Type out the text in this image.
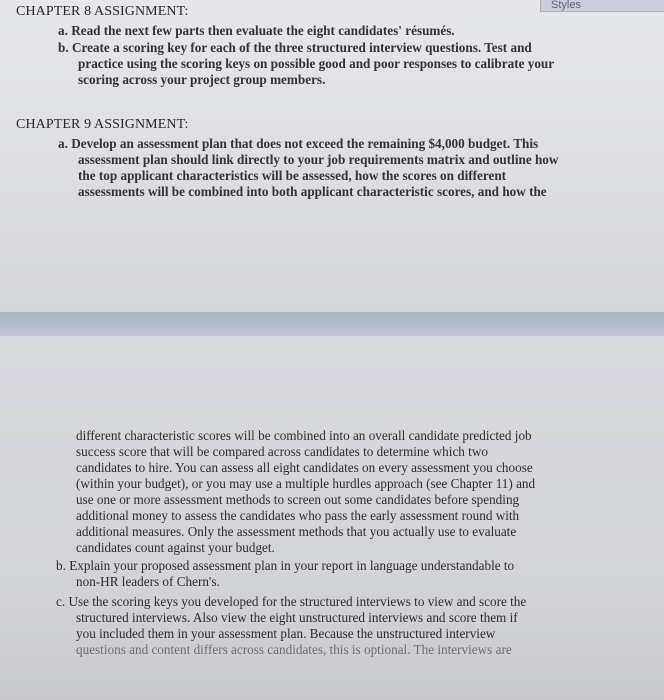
Styles
CHAPTER 8 ASSIGNMENT:
a. Read the next few parts then evaluate the eight candidates' résumés.
b. Create a scoring key for each of the three structured interview questions. Test and
practice using the scoring keys on possible good and poor responses to calibrate your
scoring across your project group members.
CHAPTER 9 ASSIGNMENT:
a. Develop an assessment plan that does not exceed the remaining $4,000 budget. This
assessment plan should link directly to your job requirements matrix and outline how
the top applicant characteristics will be assessed, how the scores on different
assessments will be combined into both applicant characteristic scores, and how the
different characteristic scores will be combined into an overall candidate predicted job
success score that will be compared across candidates to determine which two
candidates to hire. You can assess all eight candidates on every assessment you choose
(within your budget), or you may use a multiple hurdles approach (see Chapter 11) and
use one or more assessment methods to screen out some candidates before spending
additional money to assess the candidates who pass the early assessment round with
additional measures. Only the assessment methods that you actually use to evaluate
candidates count against your budget.
b. Explain your proposed assessment plan in your report in language understandable to
non-HR leaders of Chern's.
c. Use the scoring keys you developed for the structured interviews to view and score the
structured interviews. Also view the eight unstructured interviews and score them if
you included them in your assessment plan. Because the unstructured interview
questions and content differs across candidates, this is optional. The interviews are
